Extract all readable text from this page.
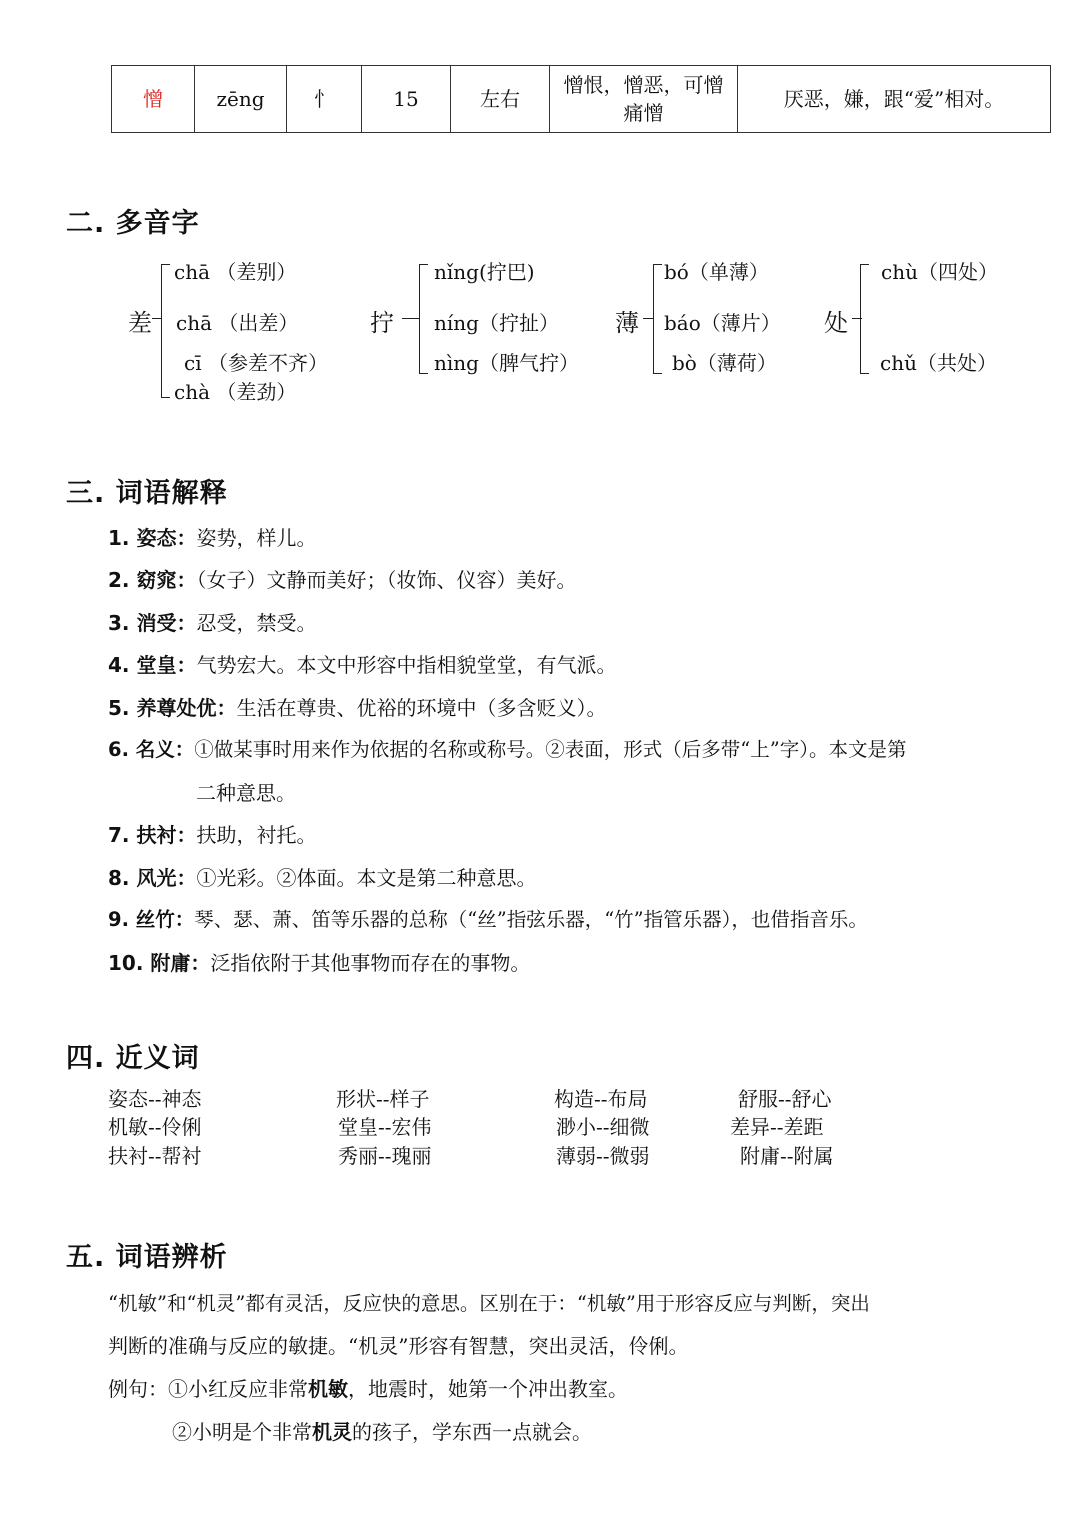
憎	zēng	忄	15	左右	憎恨，憎恶，可憎痛憎	厌恶，嫌，跟“爱”相对。
二. 多音字
差
chā （差别）
chā （出差）
cī （参差不齐）
chà （差劲）
拧
nǐng(拧巴)
níng（拧扯）
nìng（脾气拧）
薄
bó（单薄）
báo（薄片）
bò（薄荷）
处
chù（四处）
chǔ（共处）
三. 词语解释
1. 姿态：姿势，样儿。
2. 窈窕：（女子）文静而美好；（妆饰、仪容）美好。
3. 消受：忍受，禁受。
4. 堂皇：气势宏大。本文中形容中指相貌堂堂，有气派。
5. 养尊处优：生活在尊贵、优裕的环境中（多含贬义）。
6. 名义：①做某事时用来作为依据的名称或称号。②表面，形式（后多带“上”字）。本文是第
二种意思。
7. 扶衬：扶助，衬托。
8. 风光：①光彩。②体面。本文是第二种意思。
9. 丝竹：琴、瑟、萧、笛等乐器的总称（“丝”指弦乐器，“竹”指管乐器），也借指音乐。
10. 附庸：泛指依附于其他事物而存在的事物。
四. 近义词
姿态--神态	形状--样子	构造--布局	舒服--舒心
机敏--伶俐	堂皇--宏伟	渺小--细微	差异--差距
扶衬--帮衬	秀丽--瑰丽	薄弱--微弱	附庸--附属
五. 词语辨析
“机敏”和“机灵”都有灵活，反应快的意思。区别在于：“机敏”用于形容反应与判断，突出
判断的准确与反应的敏捷。“机灵”形容有智慧，突出灵活，伶俐。
例句：①小红反应非常机敏，地震时，她第一个冲出教室。
②小明是个非常机灵的孩子，学东西一点就会。
